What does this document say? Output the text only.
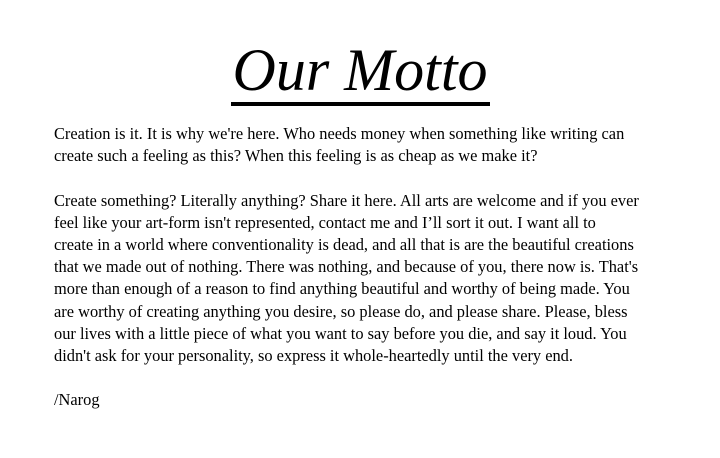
Our Motto

Creation is it. It is why we're here. Who needs money when something like writing can
create such a feeling as this? When this feeling is as cheap as we make it?

Create something? Literally anything? Share it here. All arts are welcome and if you ever
feel like your art-form isn't represented, contact me and I’ll sort it out. I want all to
create in a world where conventionality is dead, and all that is are the beautiful creations
that we made out of nothing. There was nothing, and because of you, there now is. That's
more than enough of a reason to find anything beautiful and worthy of being made. You
are worthy of creating anything you desire, so please do, and please share. Please, bless
our lives with a little piece of what you want to say before you die, and say it loud. You
didn't ask for your personality, so express it whole-heartedly until the very end.

/Narog
